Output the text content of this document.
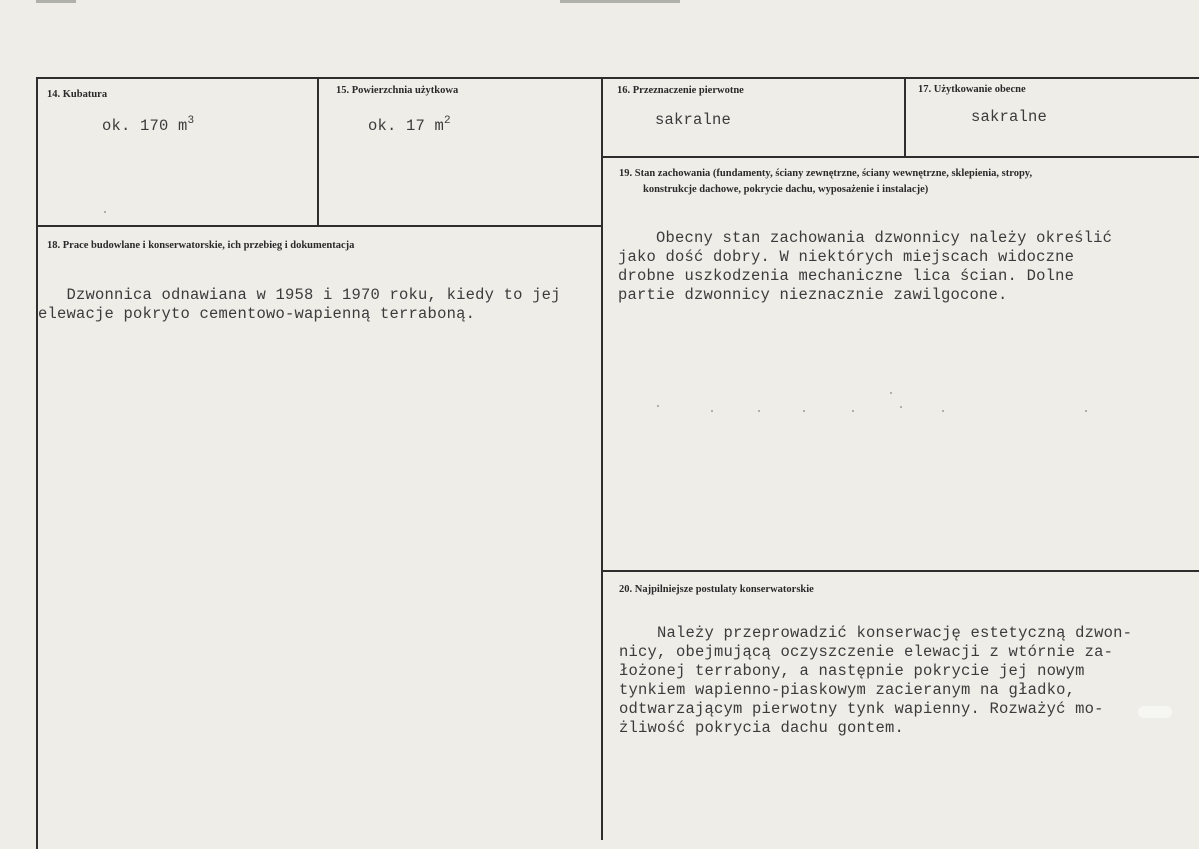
14. Kubatura
ok. 170 $m^3$
15. Powierzchnia użytkowa
ok. 17 $m^2$
16. Przeznaczenie pierwotne
sakralne
17. Użytkowanie obecne
sakralne
18. Prace budowlane i konserwatorskie, ich przebieg i dokumentacja
Dzwonnica odnawiana w 1958 i 1970 roku, kiedy to jej
elewacje pokryto cementowo-wapienną terraboną.
19. Stan zachowania (fundamenty, ściany zewnętrzne, ściany wewnętrzne, sklepienia, stropy,
konstrukcje dachowe, pokrycie dachu, wyposażenie i instalacje)
Obecny stan zachowania dzwonnicy należy określić
jako dość dobry. W niektórych miejscach widoczne
drobne uszkodzenia mechaniczne lica ścian. Dolne
partie dzwonnicy nieznacznie zawilgocone.
20. Najpilniejsze postulaty konserwatorskie
Należy przeprowadzić konserwację estetyczną dzwon-
nicy, obejmującą oczyszczenie elewacji z wtórnie za-
łożonej terrabony, a następnie pokrycie jej nowym
tynkiem wapienno-piaskowym zacieranym na gładko,
odtwarzającym pierwotny tynk wapienny. Rozważyć mo-
żliwość pokrycia dachu gontem.
